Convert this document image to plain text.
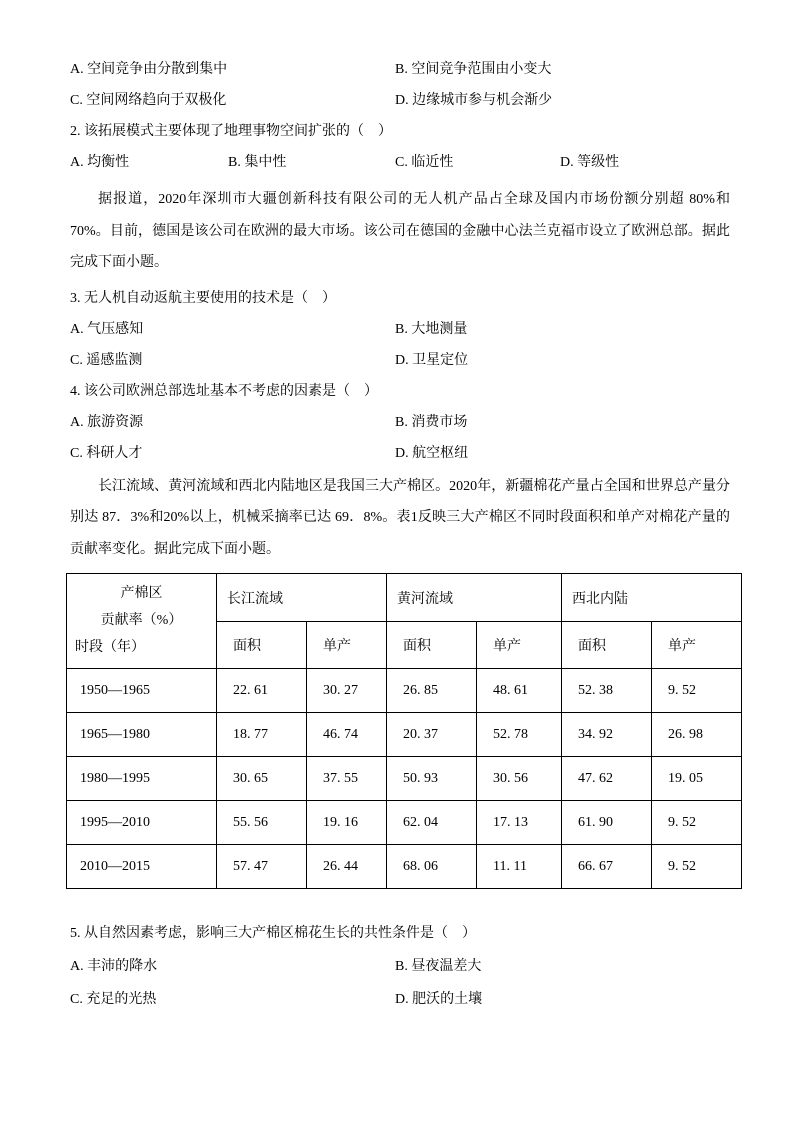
A. 空间竞争由分散到集中	B. 空间竞争范围由小变大
C. 空间网络趋向于双极化	D. 边缘城市参与机会渐少
2. 该拓展模式主要体现了地理事物空间扩张的（　）
A. 均衡性	B. 集中性	C. 临近性	D. 等级性
据报道，2020年深圳市大疆创新科技有限公司的无人机产品占全球及国内市场份额分别超 80%和 70%。目前，德国是该公司在欧洲的最大市场。该公司在德国的金融中心法兰克福市设立了欧洲总部。据此完成下面小题。
3. 无人机自动返航主要使用的技术是（　）
A. 气压感知	B. 大地测量
C. 遥感监测	D. 卫星定位
4. 该公司欧洲总部选址基本不考虑的因素是（　）
A. 旅游资源	B. 消费市场
C. 科研人才	D. 航空枢纽
长江流域、黄河流域和西北内陆地区是我国三大产棉区。2020年，新疆棉花产量占全国和世界总产量分别达 87．3%和20%以上，机械采摘率已达 69．8%。表1反映三大产棉区不同时段面积和单产对棉花产量的贡献率变化。据此完成下面小题。
产棉区
贡献率（%）
时段（年）	长江流域		黄河流域		西北内陆	
	面积	单产	面积	单产	面积	单产
1950—1965	22. 61	30. 27	26. 85	48. 61	52. 38	9. 52
1965—1980	18. 77	46. 74	20. 37	52. 78	34. 92	26. 98
1980—1995	30. 65	37. 55	50. 93	30. 56	47. 62	19. 05
1995—2010	55. 56	19. 16	62. 04	17. 13	61. 90	9. 52
2010—2015	57. 47	26. 44	68. 06	11. 11	66. 67	9. 52
5. 从自然因素考虑，影响三大产棉区棉花生长的共性条件是（　）
A. 丰沛的降水	B. 昼夜温差大
C. 充足的光热	D. 肥沃的土壤
